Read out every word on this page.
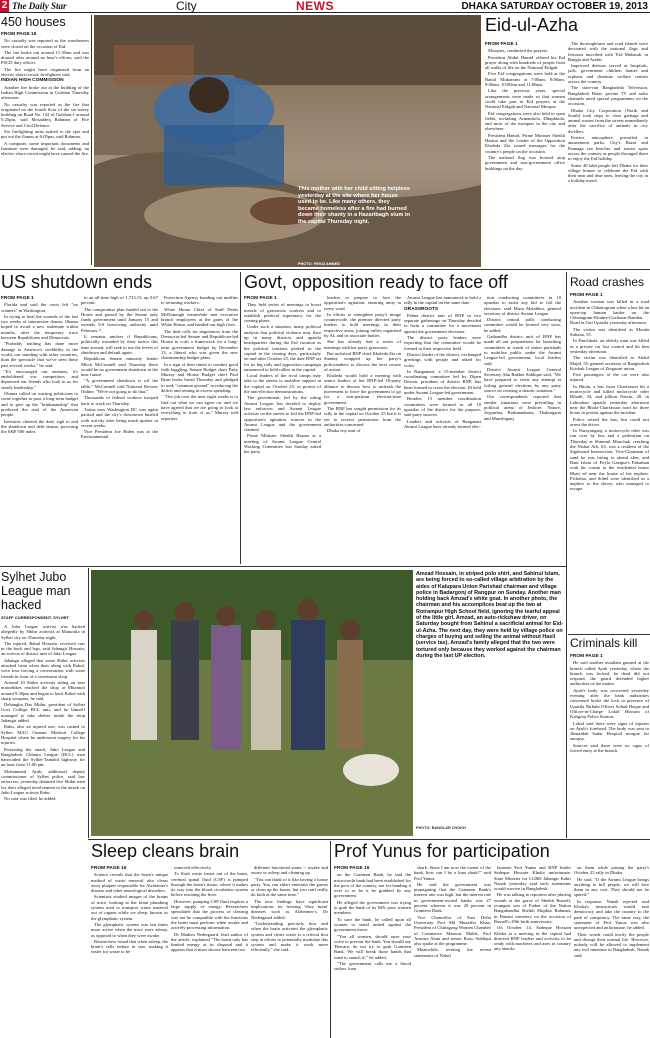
2 The Daily Star	City	NEWS	DHAKA SATURDAY OCTOBER 19, 2013
450 houses
FROM PAGE 16

No casualty was reported as the warehouses were closed on the occasion of Eid.

The fire broke out around 11:30am and was doused after around an hour's efforts, said the FSCD duty officer.

The fire might have originated from an electric short-circuit, firefighters said.

INDIAN HIGH COMMISSION

Another fire broke out at the building of the Indian High Commission in Gulshan Thursday afternoon.

No casualty was reported as the fire that originated on the fourth floor of the six-storey building on Road No. 142 of Gulshan-1 around 5:25pm, said Mosaddeq Rahman of Fire Service and Civil Defence.

Six firefighting units rushed to the spot and put out the flames at 6:05pm, said Rahman.

A computer, some important documents and furniture were damaged, he said, adding, an electric short-circuit might have caused the fire.

This mother with her child sitting helpless yesterday at the site where her house used to be. Like many others, they became homeless after a fire had burned down their shanty in a Hazaribagh slum in the capital Thursday night.
PHOTO: FIROZ AHMED
Eid-ul-Azha
FROM PAGE 1

Mosques, conducted the prayers.

President Abdul Hamid offered his Eid prayer along with hundreds of people from all walks of life on the National Eidgah.

Five Eid congregations were held at the Baitul Mukarram at 7:00am, 8:00am, 9:00am, 10:00am and 11:00am.

Like the previous years, special arrangements were made so that women could take part in Eid prayers at the National Eidgah and National Mosque.

Eid congregations were also held in open fields, including Armanitola, Dhupkhola, and most of the mosques in the city and elsewhere.

President Hamid, Prime Minister Sheikh Hasina and the Leader of the Opposition Khaleda Zia issued messages for the country's people on the occasion.

The national flag was hoisted atop government and non-government office buildings on the day.

The thoroughfares and road islands were decorated with the national flags and festoons inscribed with 'Eid Mubarak' in Bangla and Arabic.

Improved dietwas served at hospitals, jails, government children homes and orphans and destitute welfare centres across the country.

The state-run Bangladesh Television, Bangladesh Betar, private TV and radio channels aired special programmes on the occasion.

Dhaka City Corporation (North and South) took steps to clear garbage and animal wastes from the streets immediately after the sacrifice of animals in city dwellers.

Festive atmosphere prevailed in amusement parks, City's Bazar and Pannaga sea beaches and tourist spots across the country as people thronged there to enjoy the Eid holiday.

Some 40 lakh people left Dhaka for their village homes to celebrate the Eid with their near and dear ones, leaving the city in a holiday mood.

US shutdown ends
FROM PAGE 1

Florida and said the crisis left "no winners" in Washington.

In trying to heal the wounds of the last two weeks of internecine drama, Obama hoped to avoid a new stalemate within months, after the temporary truce between Republicans and Democrats.

"Probably nothing has done more damage to America's credibility in the world, our standing with other countries, than the spectacle that we've seen these past several weeks," he said.

"It's encouraged our enemies, it's emboldened our competitors and depressed our friends who look to us for steady leadership."

Obama called on warring politicians to come together to pass a long-term budget and to give up the "brinkmanship" that produced the trial of the American people.

Investors cheered the deal, sigh to end the shutdown and debt drama, powering the S&P 500 index

to an all-time high of 1,733.15, up 0.67 percent.

The compromise plan funded out to the House and passed by the Senate only funds government until January 15 and extends US borrowing authority until February 7.

It remains unclear if Republicans, politically wounded by their tactics this time around, will seek to use the levers of shutdown and default again.

Republican Senate minority leader Mitch McConnell said Thursday there would be no government shutdown in the near future.

"A government shutdown is off the table," McConnell told National Review Online. "We're not going to do that."

Thousands of federal workers trooped back to work on Thursday.

Trains now Washington DC was again packed and the city's downtown bustled with activity after being much quieter in recent weeks.

Vice President Joe Biden was at the Environmental

Protection Agency handing out muffins to returning workers.

White House Chief of Staff Denis McDonough meanwhile met executive branch employees at the gates of the White House, and handed out high fives.

The deal calls for negotiators from the Democrat-led Senate and Republican-led House to craft a framework for a long-term government budget by December 13, a liberal who was given the new chairmanship budget plans.

In a sign of their intent to conduct good faith haggling, Senate Budget chair Patty Murray and House Budget chief Paul Ryan broke bread Thursday and pledged to seek "common ground" in reducing the deficit and reining in excess spending.

"Our job over the next eight weeks is to find out what we can agree on, and we have agreed that we are going to look at everything in front of us," Murray told reporters.

Govt, opposition ready to face off
FROM PAGE 1

They held series of meetings to boost morale of grassroots workers and to establish political supremacy for the coming phase.

Under such a situation, many political analysts fear political violence may flare up in many districts and upazila headquarters during the Eid vacation as the political tensions peaked in the capital in the coming days, particularly on and after October 25, the date BNP set for its big rally and opposition campaign announced to hold rallies in the capital.

Local leaders of the rival camps may take to the streets to mobilise support in the capital on October 25, in protest of the anti-election demonstrations.

The government, led by the ruling Awami League, has decided to deploy law enforcers and Awami League activists on the streets to foil the BNP-led opposition's agitation, sources in the Awami League and the government claimed.

Prime Minister Sheikh Hasina at a meeting of Awami League Central Working Committee last Sunday asked her party

leaders to prepare to face the opposition's agitation, ensuring unity in every ward.

In efforts to strengthen party's image countrywide, the premier directed party leaders to hold meetings in their respective areas, joining rallies organised by AL and its associate bodies.

She has already had a series of meetings with her party grassroots.

But archrival BNP chief Khaleda Zia on Sunday wrapped up her party's policymakers to discuss the next course of action.

Khaleda would hold a meeting with senior leaders of her BNP-led 18-party alliance to discuss how to unleash the movement to force the government to go for a non-partisan election-time government.

The BNP has sought permission for its rally in the capital on October 25 but it is yet to receive permission from the authorities concerned.

Dhaka city unit of

Awami League has announced to hold a rally in the capital on the same date.

GRASSROOTS

Pabna district unit of BNP in two separate gatherings on Thursday decided to form a committee for a movement against the government elections.

The district party leaders were expecting that the committee would be formed in their respective field.

District leader of the district, exchanged greetings with people and asked for votes.

In Rangamati, a 15-member district coordinating committee led by Dipen Dewan, president of district BNP, has been formed to resist the election. Ill held under Awami League-led government.

Besides, 15 member coordination committees were formed in all 10 upazilas of the district for the purpose, said party sources.

Leaders and activists of Ranganati Awami League have already formed elec-

tion conducting committees in 10 upazilas to assist any bid to foil the elections, said Musa Matabbor, general secretary of district Awami League.

District central polls conducting committee would be formed very soon, he added.

Gaibandha district unit of BNP has made all out preparations for launching committees at wards of union parishads to mobilise public under the Awami League-led government, local leaders said.

District Awami League General Secretary Abu Bakker Siddique said, "We have prepared to resist any attempt at foiling general elections by any party source on creating a chaotic situation."

Our correspondents reported that similar situations were prevailing in political arena of Jeshore, Natore, Joypurhat, Brahmanbaria, Thakurgaon and Munshiganj.

Road crashes
FROM PAGE 1

Another woman was killed in a road accident in Chhattogram when a bus hit an open-top human hauler on the Chhatagram-Khulna-Coxbazar-Ramhat Road in Tari Upazila yesterday afternoon.

The victim was identified as Monda Sultana, 55.

In Panchhala, an elderly man was killed as a private car lost control and hit him yesterday afternoon.

The victim was identified as Abdul Majid, 55, general secretary of Bangladesh Krishak League of Zingasari union.

Five passengers of the car were also injured.

In Bhola, a bus from Charfasson hit a motorcycle and killed motorcycle rider Biladil, 34, and pillion Nasrin, 28, in Lalmohan upazila yesterday afternoon near the Bhola-Charfasson road for three hours in protest against the incident.

Police seized the bus, but could not arrest the driver.

In Narayanganj, a motorcycle rider was run over by bus and a pedestrian on Thursday at Shimrail Mouchak, reaching the Nishat Atli, 63, was a resident of the Signboard Intersection, Vice-Chairman of sand he was hiring to attend after, and Bani Islam of Poyla Gazipur's Pakuthan with his cousin to the residential house Bhati ed near the house of his nephew. Pichalna, and Sohel were identified as a nephew to the driver, who managed to escape.

Criminals kill
FROM PAGE 1

He said another assailant gunned at the branch called Ayub yesterday, where the branch was locked, he dead did not respond, the guard defended higher authorities of the matter.

Ayub's body was recovered yesterday evening after the bank authorities concerned broke the lock in presence of Upazila Nirbahi Officer Sohail Haque and Officer-in-Charge Lokid Hossain of Kaligonj Police Station.

Lokid said there were signs of injuries on Ayub's forehead. The body was sent to Jhenaidah Sadar Hospital morgue for autopsy.

Sources said there were no signs of forced entry at the branch.

Sylhet Jubo
League man
hacked
STAFF CORRESPONDENT, SYLHET

A Jubo League activist was hacked allegedly by Shibir activists at Maturatla in Sylhet city on Thursday night.

The injured, Rabul Hossain, received cuts in the back and legs, said Jahangir Hossain, an activist of district unit of Jubo League.

Jahangir alleged that some Shibir activists attacked from when their along with Rabul, were four forcing a conversation with some friends in front of a sweetmeat shop.

Around 10 Shibir activists riding on four motorbikes reached the shop at Mitamuli around 9:30pm and began to hack Rabul with sharp weapons, he said.

Debanghu Das Mithu, president of Sylhet Govt College BCL unit, and he himself managed to take shelter inside the shop Jahangir added.

Rabu, also an injured one, was rushed to Sylhet MAG Osmani Medical College Hospital where he underwent surgery for his injuries.

Protesting the attack, Jubo League and Bangladesh Chhatra League (BCL) men barricaded the Sylhet-Tamabil highway for an hour from 11:00 pm.

Mohammed Ayub, additional deputy commissioner of Sylhet police, said law enforcers, yesterday detained five Shibir men for their alleged involvement in the attack on Jubo League activist Rabu.

No case was filed, he added.

Amzad Hossain, in striped polo shirt, and Sahinul Islam, are being forced to so-called village arbitration by the aides of Kalupara Union Parishad chairman and village police in Badargonj of Rangpur on Sunday. Another man holding back Amzad's white goat. In another photo, the chairman and his accomplices beat up the two at Rotrampur High School field, ignoring the tearful appeal of the little girl. Amzad, an auto-rickshaw driver, on Saturday bought from Sahinul a sacrificial animal for Eid-ul-Azha. The next day, they were held by village police on charges of buying and selling the animal without Hasil (service tax). Amzad's family alleged that the two were tortured only because they worked against the chairman during the last UP election.
PHOTO: BANGLAR CHOKH
Sleep cleans brain
FROM PAGE 16

Science reveals that the brain's unique method of waste removal also clears away plaques responsible for Alzheimer's disease and other neurological disorders.

Scientists studied images of the brains of mice, looking at the brain plumbing system used to transport waste material out of organs while we sleep, known as the glymphatic system.

The glymphatic system was ten times more active when the mice were asleep, as opposed to when they were awake.

Researchers found that when asleep, the brain's cells reduce in size, making it easier for waste to be

removed effectively.

To flush waste tissue out of the brain, cerebral spinal fluid (CSF) is pumped through the brain's tissue, where it makes its way into the blood circulation system before reaching the liver.

However, pumping CSF fluid requires a large supply of energy. Researchers speculated that the process of clearing was not be compatible with the functions the brain must perform when awake and actively processing information.

Dr Maiken Nedergaard, lead author of the article, explained "The brain only has limited energy at its disposal and it appears that it must choose between two

different functional states -- awake and aware or asleep and cleaning up.

"You can think of it like having a house party. You can either entertain the guests or clean up the house, but you can't really do both at the same time."

The new findings have significant implications for treating 'dirty brain' diseases such as Alzheimer's. Dr Nedergaard added:

"Understanding precisely how and when the brain activates the glymphatic system and clears waste is a critical first step in efforts to potentially modulate this system and make it work more efficiently," she said.

Prof Yunus for participation
FROM PAGE 16

on the Grameen Bank, he said the microcredit bank had been established for the poor of the country, not for handing it over to or be it be grabbed by any government.

He alleged the government was trying to grab the bank of its 84% poor women members.

To save the bank, he called upon all women to stand united against the government move.

"You all women, should raise your voice to prevent the bank. You should say 'Beware, do not try to grab Grameen Bank. We will break those hands that want to snatch it'," he added.

"The government calls me a blood sucker, loan

shark. Since I am now the owner of the bank, how can I be a loan shark?" said Prof Yunus.

He said the government was propagating that the Grameen Bank's interest rate was high, but the interest rate in government-owned banks was 27 percent whereas it was 20 percent in Grameen Bank.

Vice Chancellor of East Delta University Prof Md Muzaffar Khan, President of Chittagong Women Chamber of Commerce Manwar Malek, Prof Anwara Alam and senior Roxo Siddiqui also spoke at the programme.

Meanwhile, terming the recent statements of Nobel

laureate Prof Yunus and BNP leader Sadeque Hossain Khoka unfortunate, State Minister for LGRD Jahangir Kabir Nanak yesterday said such statements would survive in Bangladesh.

He was talking to reporters after placing wreath at the grave of Sheikh Russell, youngest son of Father of the Nation Bangabandhu Sheikh Mujibur Rahman, in Banani cemetery on the occasion of Russell's 49th birth anniversary.

On October 14, Sadeque Hossain Khoka at a meeting in the capital had directed BNP leaders and activists to be ready with machetes and axes in country any attacks

on them while joining the party's October 25 rally in Dhaka.

He said, "If the Awami League brings anything to kill people, we will face them in any cost. They should not be spared."

In response, Nanak rejected said Khoka's instructions would ruin democracy and take the country to the path of conspiracy. The same way, the statement of Prof Yunus was also unexpected and unfortunate, he added.

Their words could terrify the people and disrupt their normal life. However, nobody will be allowed to implement any evil intention in Bangladesh, Nanak said.
